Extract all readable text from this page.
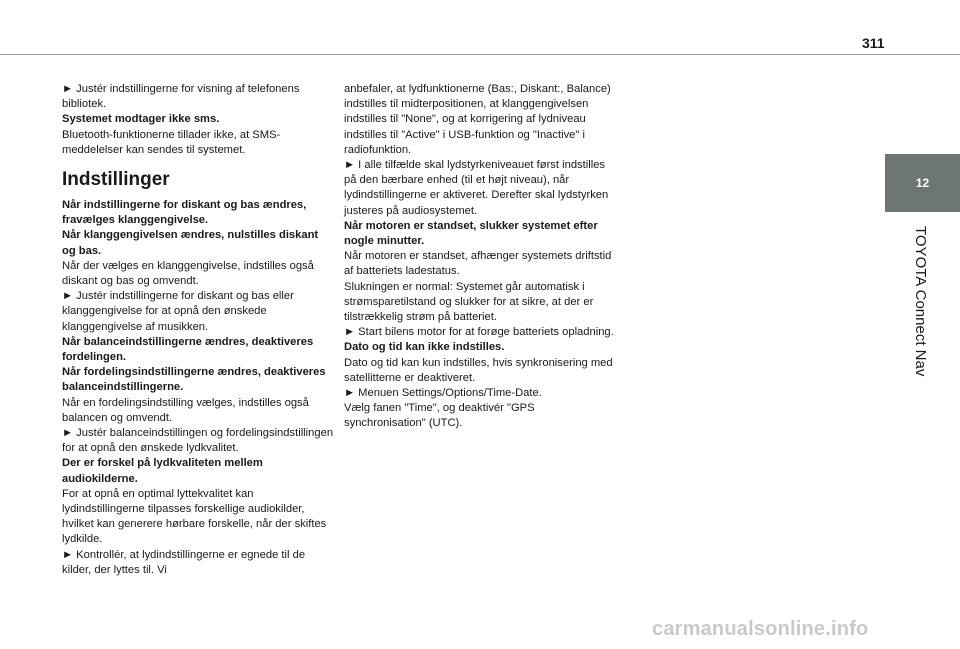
311
12
TOYOTA Connect Nav

► Justér indstillingerne for visning af telefonens bibliotek.

Systemet modtager ikke sms.

Bluetooth-funktionerne tillader ikke, at SMS-meddelelser kan sendes til systemet.

Indstillinger

Når indstillingerne for diskant og bas ændres, fravælges klanggengivelse.

Når klanggengivelsen ændres, nulstilles diskant og bas.

Når der vælges en klanggengivelse, indstilles også diskant og bas og omvendt.

► Justér indstillingerne for diskant og bas eller klanggengivelse for at opnå den ønskede klanggengivelse af musikken.

Når balanceindstillingerne ændres, deaktiveres fordelingen.

Når fordelingsindstillingerne ændres, deaktiveres balanceindstillingerne.

Når en fordelingsindstilling vælges, indstilles også balancen og omvendt.

► Justér balanceindstillingen og fordelingsindstillingen for at opnå den ønskede lydkvalitet.

Der er forskel på lydkvaliteten mellem audiokilderne.

For at opnå en optimal lyttekvalitet kan lydindstillingerne tilpasses forskellige audiokilder, hvilket kan generere hørbare forskelle, når der skiftes lydkilde.

► Kontrollér, at lydindstillingerne er egnede til de kilder, der lyttes til. Vi

anbefaler, at lydfunktionerne (Bas:, Diskant:, Balance) indstilles til midterpositionen, at klanggengivelsen indstilles til "None", og at korrigering af lydniveau indstilles til "Active" i USB-funktion og "Inactive" i radiofunktion.

► I alle tilfælde skal lydstyrkeniveauet først indstilles på den bærbare enhed (til et højt niveau), når lydindstillingerne er aktiveret. Derefter skal lydstyrken justeres på audiosystemet.

Når motoren er standset, slukker systemet efter nogle minutter.

Når motoren er standset, afhænger systemets driftstid af batteriets ladestatus.

Slukningen er normal: Systemet går automatisk i strømsparetilstand og slukker for at sikre, at der er tilstrækkelig strøm på batteriet.

► Start bilens motor for at forøge batteriets opladning.

Dato og tid kan ikke indstilles.

Dato og tid kan kun indstilles, hvis synkronisering med satellitterne er deaktiveret.

► Menuen Settings/Options/Time-Date.

Vælg fanen "Time", og deaktivér "GPS synchronisation" (UTC).

carmanualsonline.info
